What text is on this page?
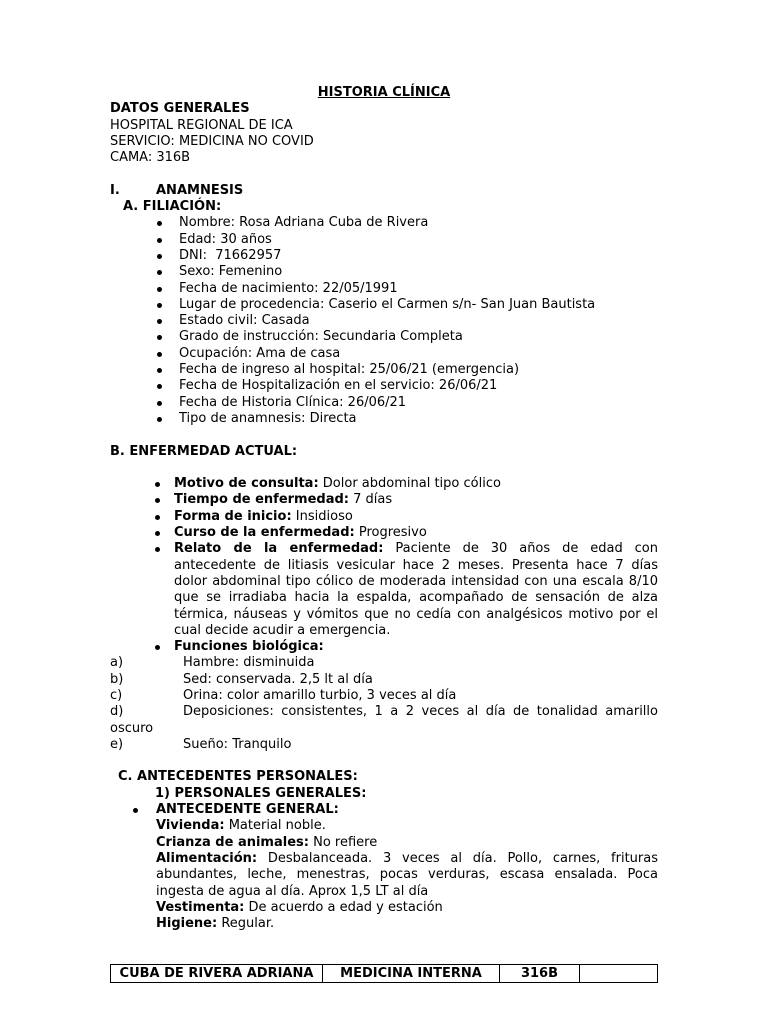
HISTORIA CLÍNICA
DATOS GENERALES
HOSPITAL REGIONAL DE ICA
SERVICIO: MEDICINA NO COVID
CAMA: 316B
I.	ANAMNESIS
A. FILIACIÓN:
Nombre: Rosa Adriana Cuba de Rivera
Edad: 30 años
DNI:  71662957
Sexo: Femenino
Fecha de nacimiento: 22/05/1991
Lugar de procedencia: Caserio el Carmen s/n- San Juan Bautista
Estado civil: Casada
Grado de instrucción: Secundaria Completa
Ocupación: Ama de casa
Fecha de ingreso al hospital: 25/06/21 (emergencia)
Fecha de Hospitalización en el servicio: 26/06/21
Fecha de Historia Clínica: 26/06/21
Tipo de anamnesis: Directa
B. ENFERMEDAD ACTUAL:
Motivo de consulta: Dolor abdominal tipo cólico
Tiempo de enfermedad: 7 días
Forma de inicio: Insidioso
Curso de la enfermedad: Progresivo
Relato de la enfermedad: Paciente de 30 años de edad con antecedente de litiasis vesicular hace 2 meses. Presenta hace 7 días dolor abdominal tipo cólico de moderada intensidad con una escala 8/10 que se irradiaba hacia la espalda, acompañado de sensación de alza térmica, náuseas y vómitos que no cedía con analgésicos motivo por el cual decide acudir a emergencia.
Funciones biológica:
a)	Hambre: disminuida
b)	Sed: conservada. 2,5 lt al día
c)	Orina: color amarillo turbio, 3 veces al día
d)	Deposiciones: consistentes, 1 a 2 veces al día de tonalidad amarillo
oscuro
e)	Sueño: Tranquilo
C. ANTECEDENTES PERSONALES:
1) PERSONALES GENERALES:
ANTECEDENTE GENERAL:
Vivienda: Material noble.
Crianza de animales: No refiere
Alimentación: Desbalanceada. 3 veces al día. Pollo, carnes, frituras abundantes, leche, menestras, pocas verduras, escasa ensalada. Poca ingesta de agua al día. Aprox 1,5 LT al día
Vestimenta: De acuerdo a edad y estación
Higiene: Regular.
CUBA DE RIVERA ADRIANA	MEDICINA INTERNA	316B	
